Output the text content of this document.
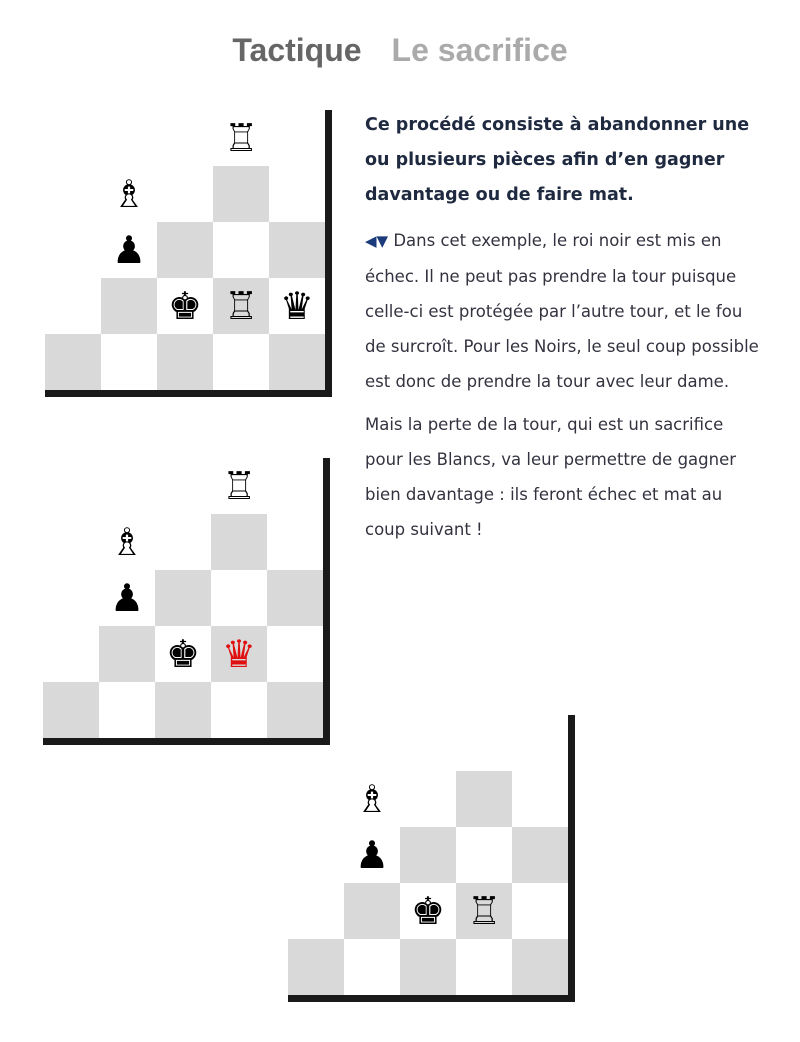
Tactique Le sacrifice
♖
♗
♟
♚ ♖ ♛
♖
♗
♟
♚ ♛
♗
♟
♚ ♖

Ce procédé consiste à abandonner une ou plusieurs pièces afin d’en gagner davantage ou de faire mat.

◀▼ Dans cet exemple, le roi noir est mis en échec. Il ne peut pas prendre la tour puisque celle-ci est protégée par l’autre tour, et le fou de surcroît. Pour les Noirs, le seul coup possible est donc de prendre la tour avec leur dame.

Mais la perte de la tour, qui est un sacrifice pour les Blancs, va leur permettre de gagner bien davantage : ils feront échec et mat au coup suivant !
